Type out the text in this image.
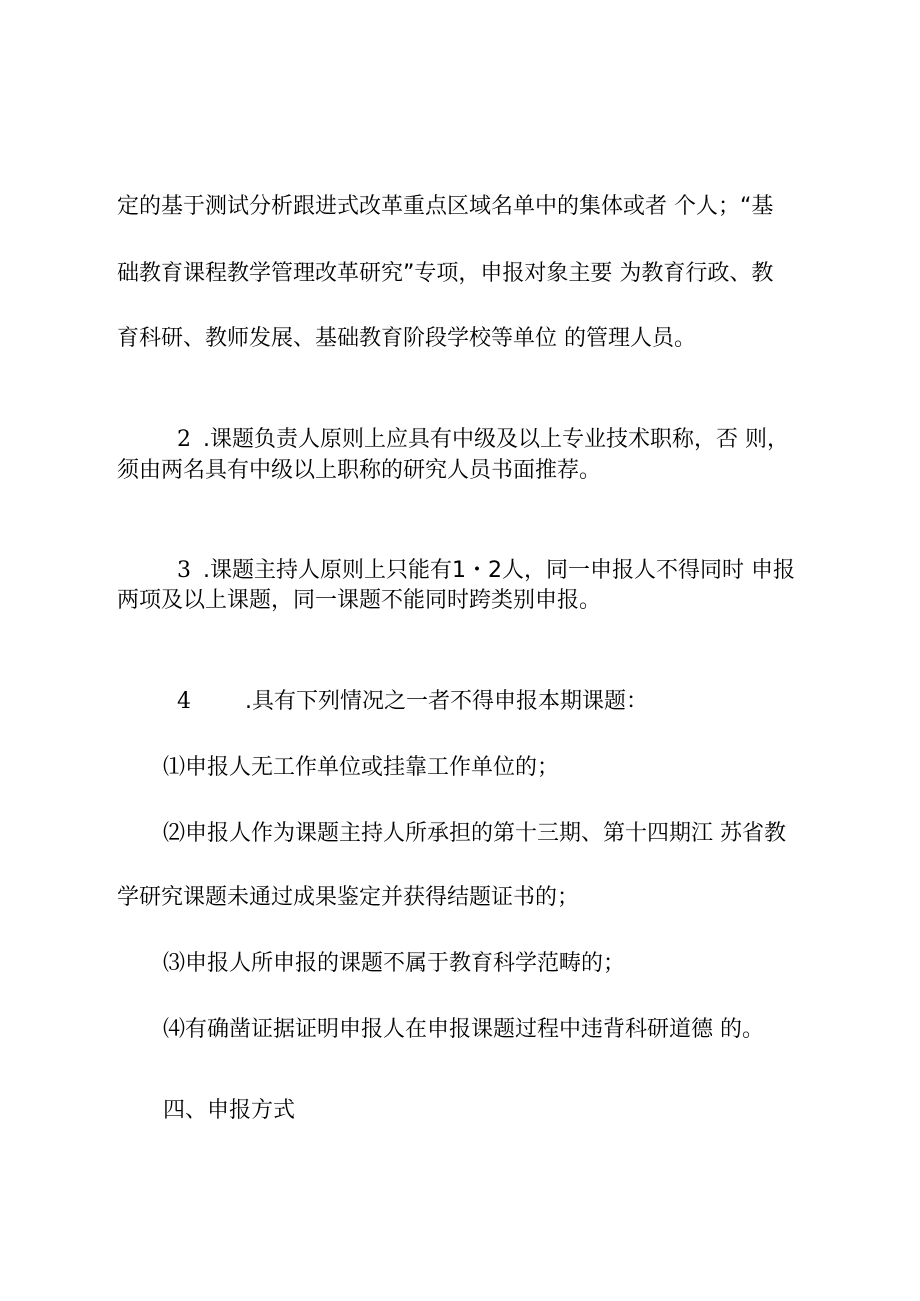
定的基于测试分析跟进式改革重点区域名单中的集体或者 个人；“基
础教育课程教学管理改革研究”专项，申报对象主要 为教育行政、教
育科研、教师发展、基础教育阶段学校等单位 的管理人员。

2 .课题负责人原则上应具有中级及以上专业技术职称，否 则，

须由两名具有中级以上职称的研究人员书面推荐。

3 .课题主持人原则上只能有1・2人，同一申报人不得同时 申报

两项及以上课题，同一课题不能同时跨类别申报。

4 .具有下列情况之一者不得申报本期课题：

⑴申报人无工作单位或挂靠工作单位的；
⑵申报人作为课题主持人所承担的第十三期、第十四期江 苏省教
学研究课题未通过成果鉴定并获得结题证书的；
⑶申报人所申报的课题不属于教育科学范畴的；
⑷有确凿证据证明申报人在申报课题过程中违背科研道德 的。
四、申报方式
